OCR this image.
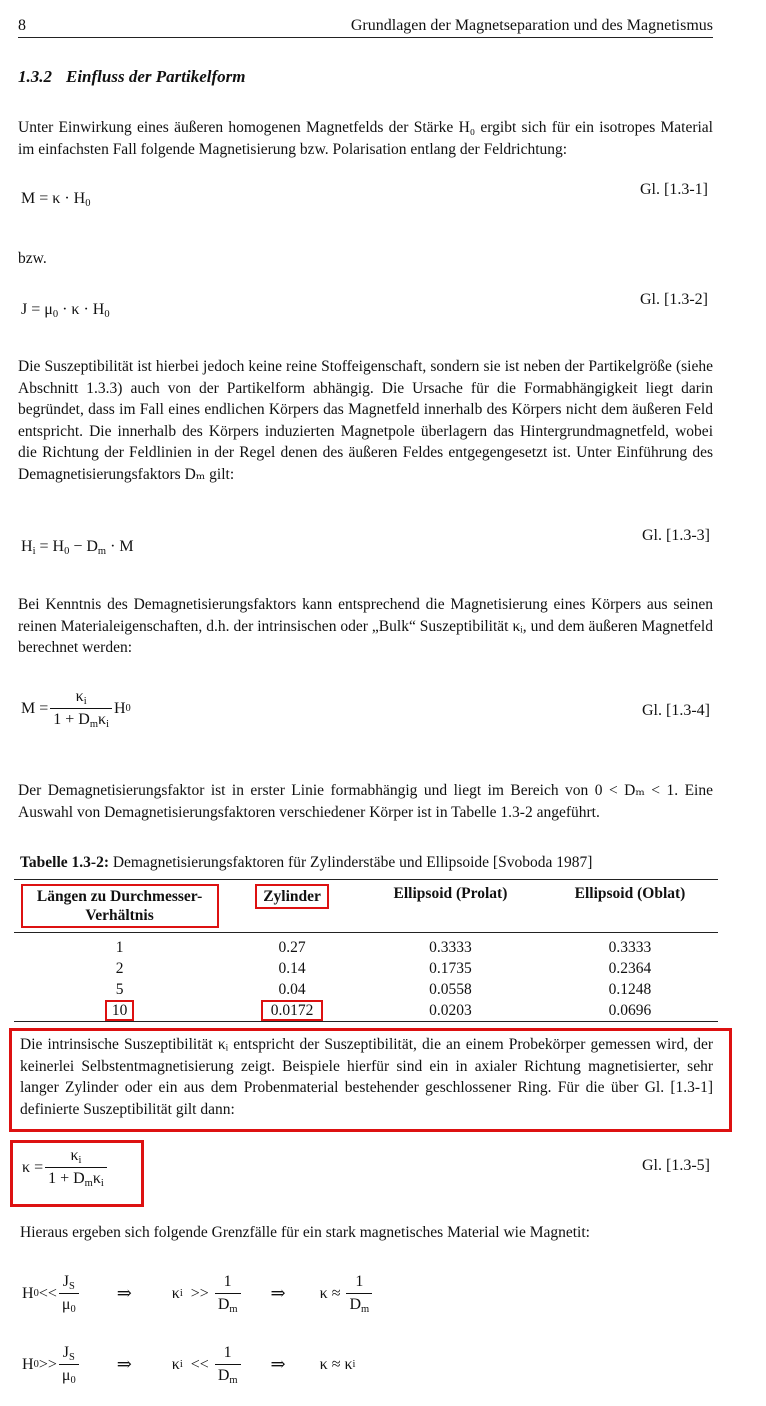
8	Grundlagen der Magnetseparation und des Magnetismus
1.3.2 Einfluss der Partikelform
Unter Einwirkung eines äußeren homogenen Magnetfelds der Stärke H₀ ergibt sich für ein isotropes Material im einfachsten Fall folgende Magnetisierung bzw. Polarisation entlang der Feldrichtung:
$M = \kappa \cdot H_0$
Gl. [1.3-1]
bzw.
$J = \mu_0 \cdot \kappa \cdot H_0$
Gl. [1.3-2]
Die Suszeptibilität ist hierbei jedoch keine reine Stoffeigenschaft, sondern sie ist neben der Partikelgröße (siehe Abschnitt 1.3.3) auch von der Partikelform abhängig. Die Ursache für die Formabhängigkeit liegt darin begründet, dass im Fall eines endlichen Körpers das Magnetfeld innerhalb des Körpers nicht dem äußeren Feld entspricht. Die innerhalb des Körpers induzierten Magnetpole überlagern das Hintergrundmagnetfeld, wobei die Richtung der Feldlinien in der Regel denen des äußeren Feldes entgegengesetzt ist. Unter Einführung des Demagnetisierungsfaktors Dₘ gilt:
$H_i = H_0 - D_m \cdot M$
Gl. [1.3-3]
Bei Kenntnis des Demagnetisierungsfaktors kann entsprechend die Magnetisierung eines Körpers aus seinen reinen Materialeigenschaften, d.h. der intrinsischen oder „Bulk“ Suszeptibilität κᵢ, und dem äußeren Magnetfeld berechnet werden:
$M = \frac{\kappa_i}{1 + D_m\kappa_i}$ H 0	Gl. [1.3-4]
Der Demagnetisierungsfaktor ist in erster Linie formabhängig und liegt im Bereich von 0 < Dₘ < 1. Eine Auswahl von Demagnetisierungsfaktoren verschiedener Körper ist in Tabelle 1.3-2 angeführt.
Tabelle 1.3-2: Demagnetisierungsfaktoren für Zylinderstäbe und Ellipsoide [Svoboda 1987]
Längen zu Durchmesser-Verhältnis	Zylinder	Ellipsoid (Prolat)	Ellipsoid (Oblat)
1	0.27	0.3333	0.3333
2	0.14	0.1735	0.2364
5	0.04	0.0558	0.1248
10	0.0172	0.0203	0.0696
Die intrinsische Suszeptibilität κᵢ entspricht der Suszeptibilität, die an einem Probekörper gemessen wird, der keinerlei Selbstentmagnetisierung zeigt. Beispiele hierfür sind ein in axialer Richtung magnetisierter, sehr langer Zylinder oder ein aus dem Probenmaterial bestehender geschlossener Ring. Für die über Gl. [1.3-1] definierte Suszeptibilität gilt dann:
$\kappa = \frac{\kappa_i}{1 + D_m\kappa_i}$	Gl. [1.3-5]
Hieraus ergeben sich folgende Grenzfälle für ein stark magnetisches Material wie Magnetit:
H $0 << \frac{J_S}{\mu_0}$ ⇒	κ $i >> \frac{1}{D_m}$ ⇒ $\kappa \approx \frac{1}{D_m}$
H $0 >> \frac{J_S}{\mu_0}$ ⇒	κ $i << \frac{1}{D_m}$ ⇒ κ ≈ κ i
